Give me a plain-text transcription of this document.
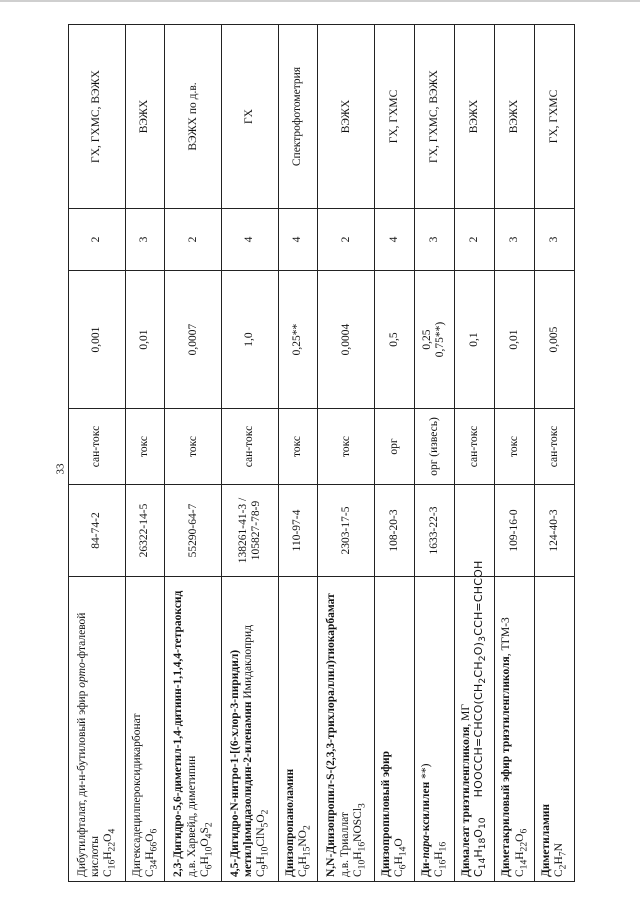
33
Дибутилфталат, ди-н-бутиловый эфир орто-фталевой кислоты $C_{16}H_{22}O_4$	84-74-2	сан-токс	0,001	2	ГХ, ГХМС, ВЭЖХ

Дигексадецилпероксидикарбонат $C_{34}H_{66}O_6$	26322-14-5	токс	0,01	3	ВЭЖХ

2,3-Дигидро-5,6-диметил-1,4-дитиин-1,1,4,4-тетраоксид д.в. Харвейд, диметипин $C_6H_{10}O_4S_2$	55290-64-7	токс	0,0007	2	ВЭЖХ по д.в.

4,5-Дигидро-N-нитро-1-[(6-хлор-3-пиридил) метил]имидазолидин-2-иленамин Имидаклоприд
$C_9H_{10}ClN_5O_2$	138261-41-3 / 105827-78-9	сан-токс	1,0	4	ГХ

Диизопропаноламин $C_6H_{15}NO_2$	110-97-4	токс	0,25**	4	Спектрофотометрия

N,N-Диизопропил-S-(2,3,3-трихлораллил)тиокарбамат д.в. Триаллат $C_{10}H_{16}NOSCl_3$	2303-17-5	токс	0,0004	2	ВЭЖХ

Диизопропиловый эфир $C_6H_{14}O$	108-20-3	орг	0,5	4	ГХ, ГХМС

Ди-пара-ксилилен **)
$C_{16}H_{16}$	1633-22-3	орг (извесь)	0,25 0,75**)	3	ГХ, ГХМС, ВЭЖХ

Дималеат триэтиленгликоля, МГ
$C_{14}H_{18}O_{10}HOOCCH=CHCO(CH_2CH_2O)_3CCH=CHCOH$		сан-токс	0,1	2	ВЭЖХ

Диметакриловый эфир триэтиленгликоля, ТГМ-3
$C_{14}H_{22}O_6$	109-16-0	токс	0,01	3	ВЭЖХ

Диметиламин $C_2H_7N$	124-40-3	сан-токс	0,005	3	ГХ, ГХМС
